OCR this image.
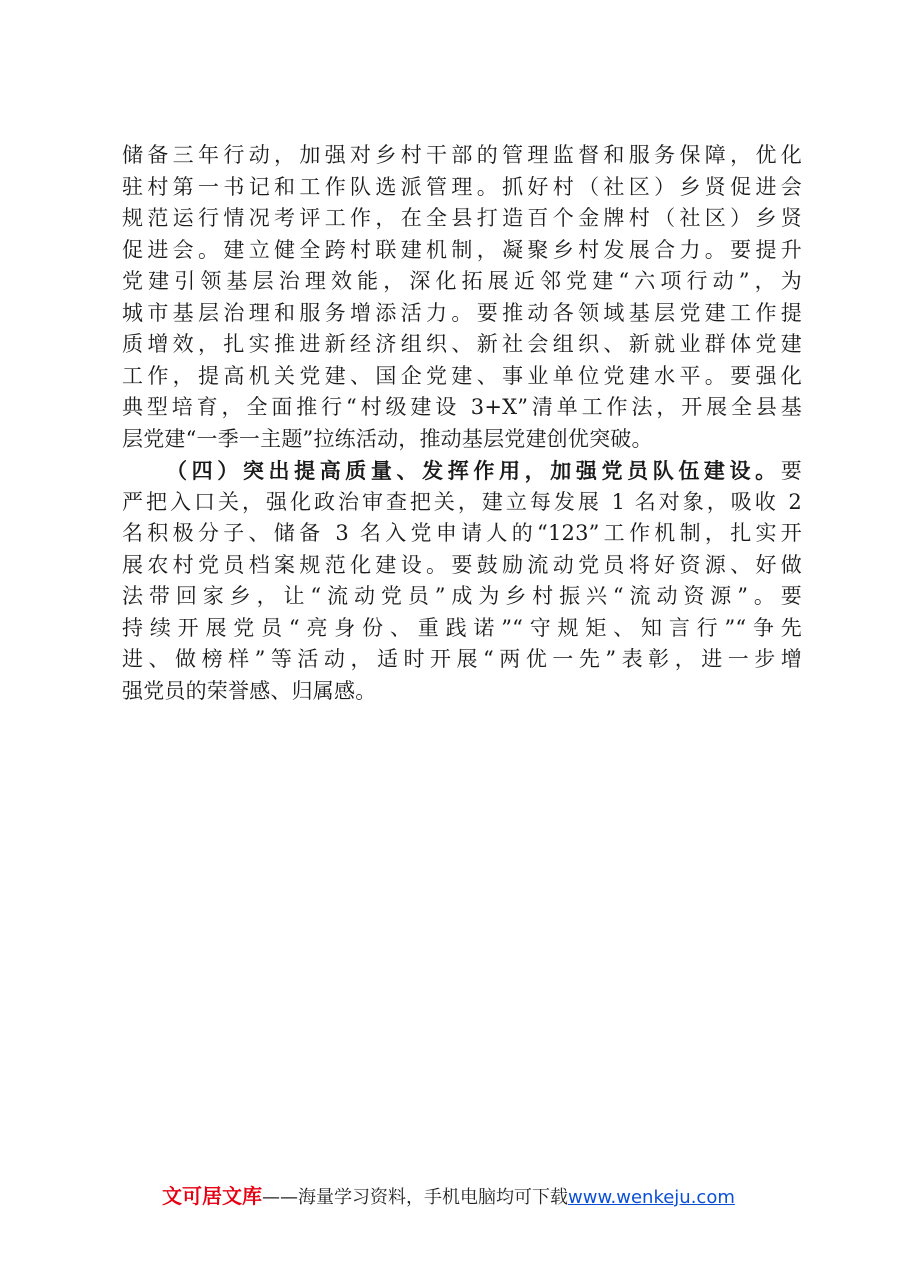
储备三年行动，加强对乡村干部的管理监督和服务保障，优化
驻村第一书记和工作队选派管理。抓好村（社区）乡贤促进会
规范运行情况考评工作，在全县打造百个金牌村（社区）乡贤
促进会。建立健全跨村联建机制，凝聚乡村发展合力。要提升
党建引领基层治理效能，深化拓展近邻党建“六项行动”，为
城市基层治理和服务增添活力。要推动各领域基层党建工作提
质增效，扎实推进新经济组织、新社会组织、新就业群体党建
工作，提高机关党建、国企党建、事业单位党建水平。要强化
典型培育，全面推行“村级建设 3+X”清单工作法，开展全县基
层党建“一季一主题”拉练活动，推动基层党建创优突破。
（四）突出提高质量、发挥作用，加强党员队伍建设。要
严把入口关，强化政治审查把关，建立每发展 1 名对象，吸收 2
名积极分子、储备 3 名入党申请人的“123”工作机制，扎实开
展农村党员档案规范化建设。要鼓励流动党员将好资源、好做
法带回家乡，让“流动党员”成为乡村振兴“流动资源”。要
持续开展党员“亮身份、重践诺”“守规矩、知言行”“争先
进、做榜样”等活动，适时开展“两优一先”表彰，进一步增
强党员的荣誉感、归属感。
文可居文库——海量学习资料，手机电脑均可下载www.wenkeju.com
